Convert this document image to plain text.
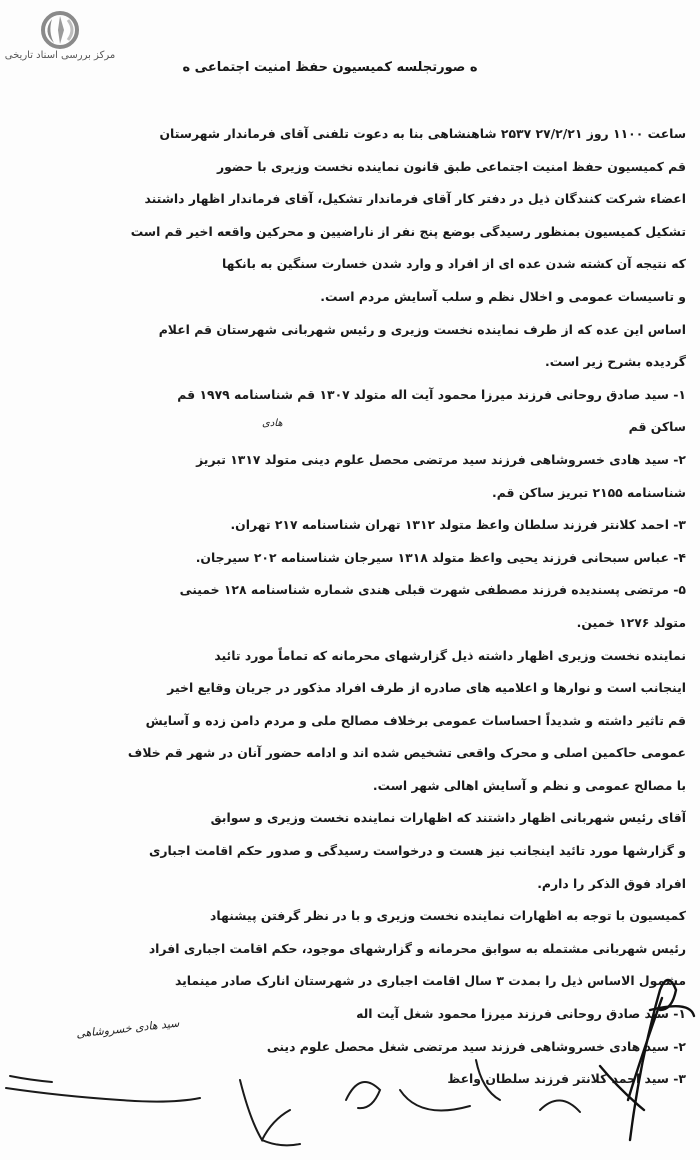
مرکز بررسی اسناد تاریخی
ه صورتجلسه کمیسیون حفظ امنیت اجتماعی ه
ساعت ۱۱۰۰ روز ۲۷/۲/۲۱ ۲۵۳۷ شاهنشاهی بنا به دعوت تلفنی آقای فرماندار شهرستان
قم کمیسیون حفظ امنیت اجتماعی طبق قانون نماینده نخست وزیری با حضور
اعضاء شرکت کنندگان ذیل در دفتر کار آقای فرماندار تشکیل، آقای فرماندار اظهار داشتند
تشکیل کمیسیون بمنظور رسیدگی بوضع پنج نفر از ناراضیین و محرکین واقعه اخیر قم است
که نتیجه آن کشته شدن عده ای از افراد و وارد شدن خسارت سنگین به بانکها
و تاسیسات عمومی و اخلال نظم و سلب آسایش مردم است.
اساس این عده که از طرف نماینده نخست وزیری و رئیس شهربانی شهرستان قم اعلام
گردیده بشرح زیر است.
۱- سید صادق روحانی فرزند میرزا محمود آیت اله متولد ۱۳۰۷ قم شناسنامه ۱۹۷۹ قم
ساکن قم
۲- سید هادی خسروشاهی فرزند سید مرتضی محصل علوم دینی متولد ۱۳۱۷ تبریز
شناسنامه ۲۱۵۵ تبریز ساکن قم.
۳- احمد کلانتر فرزند سلطان واعظ متولد ۱۳۱۲ تهران شناسنامه ۲۱۷ تهران.
۴- عباس سبحانی فرزند یحیی واعظ متولد ۱۳۱۸ سیرجان شناسنامه ۲۰۲ سیرجان.
۵- مرتضی پسندیده فرزند مصطفی شهرت قبلی هندی شماره شناسنامه ۱۲۸ خمینی
متولد ۱۲۷۶ خمین.
نماینده نخست وزیری اظهار داشته ذیل گزارشهای محرمانه که تماماً مورد تائید
اینجانب است و نوارها و اعلامیه های صادره از طرف افراد مذکور در جریان وقایع اخیر
قم تاثیر داشته و شدیداً احساسات عمومی برخلاف مصالح ملی و مردم دامن زده و آسایش
عمومی حاکمین اصلی و محرک واقعی تشخیص شده اند و ادامه حضور آنان در شهر قم خلاف
با مصالح عمومی و نظم و آسایش اهالی شهر است.
آقای رئیس شهربانی اظهار داشتند که اظهارات نماینده نخست وزیری و سوابق
و گزارشها مورد تائید اینجانب نیز هست و درخواست رسیدگی و صدور حکم اقامت اجباری
افراد فوق الذکر را دارم.
کمیسیون با توجه به اظهارات نماینده نخست وزیری و با در نظر گرفتن پیشنهاد
رئیس شهربانی مشتمله به سوابق محرمانه و گزارشهای موجود، حکم اقامت اجباری افراد
مشمول الاساس ذیل را بمدت ۳ سال اقامت اجباری در شهرستان انارک صادر مینماید
۱- سید صادق روحانی فرزند میرزا محمود شغل آیت اله
۲- سید هادی خسروشاهی فرزند سید مرتضی شغل محصل علوم دینی
۳- سید احمد کلانتر فرزند سلطان واعظ
هادی
سید هادی خسروشاهی
